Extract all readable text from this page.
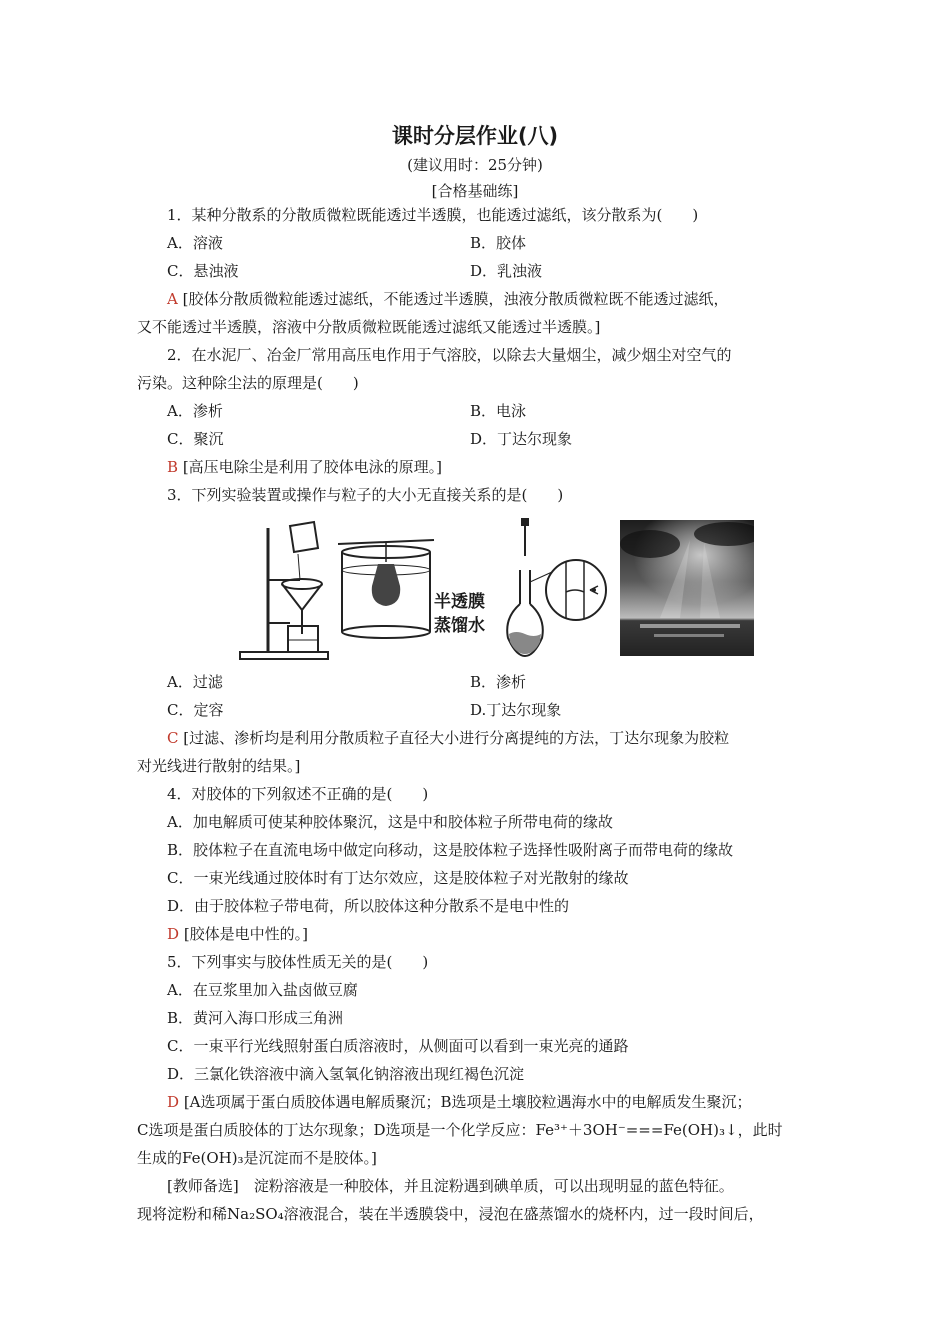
课时分层作业(八)
(建议用时：25分钟)
[合格基础练]
1．某种分散系的分散质微粒既能透过半透膜，也能透过滤纸，该分散系为(　　)
A．溶液	B．胶体
C．悬浊液	D．乳浊液
A [胶体分散质微粒能透过滤纸，不能透过半透膜，浊液分散质微粒既不能透过滤纸，
又不能透过半透膜，溶液中分散质微粒既能透过滤纸又能透过半透膜。]
2．在水泥厂、冶金厂常用高压电作用于气溶胶，以除去大量烟尘，减少烟尘对空气的
污染。这种除尘法的原理是(　　)
A．渗析	B．电泳
C．聚沉	D．丁达尔现象
B [高压电除尘是利用了胶体电泳的原理。]
3．下列实验装置或操作与粒子的大小无直接关系的是(　　)
半透膜
蒸馏水
A．过滤	B．渗析
C．定容	D.丁达尔现象
C [过滤、渗析均是利用分散质粒子直径大小进行分离提纯的方法，丁达尔现象为胶粒
对光线进行散射的结果。]
4．对胶体的下列叙述不正确的是(　　)
A．加电解质可使某种胶体聚沉，这是中和胶体粒子所带电荷的缘故
B．胶体粒子在直流电场中做定向移动，这是胶体粒子选择性吸附离子而带电荷的缘故
C．一束光线通过胶体时有丁达尔效应，这是胶体粒子对光散射的缘故
D．由于胶体粒子带电荷，所以胶体这种分散系不是电中性的
D [胶体是电中性的。]
5．下列事实与胶体性质无关的是(　　)
A．在豆浆里加入盐卤做豆腐
B．黄河入海口形成三角洲
C．一束平行光线照射蛋白质溶液时，从侧面可以看到一束光亮的通路
D．三氯化铁溶液中滴入氢氧化钠溶液出现红褐色沉淀
D [A选项属于蛋白质胶体遇电解质聚沉；B选项是土壤胶粒遇海水中的电解质发生聚沉；
C选项是蛋白质胶体的丁达尔现象；D选项是一个化学反应：Fe³⁺＋3OH⁻===Fe(OH)₃↓，此时
生成的Fe(OH)₃是沉淀而不是胶体。]
[教师备选]　淀粉溶液是一种胶体，并且淀粉遇到碘单质，可以出现明显的蓝色特征。
现将淀粉和稀Na₂SO₄溶液混合，装在半透膜袋中，浸泡在盛蒸馏水的烧杯内，过一段时间后，
